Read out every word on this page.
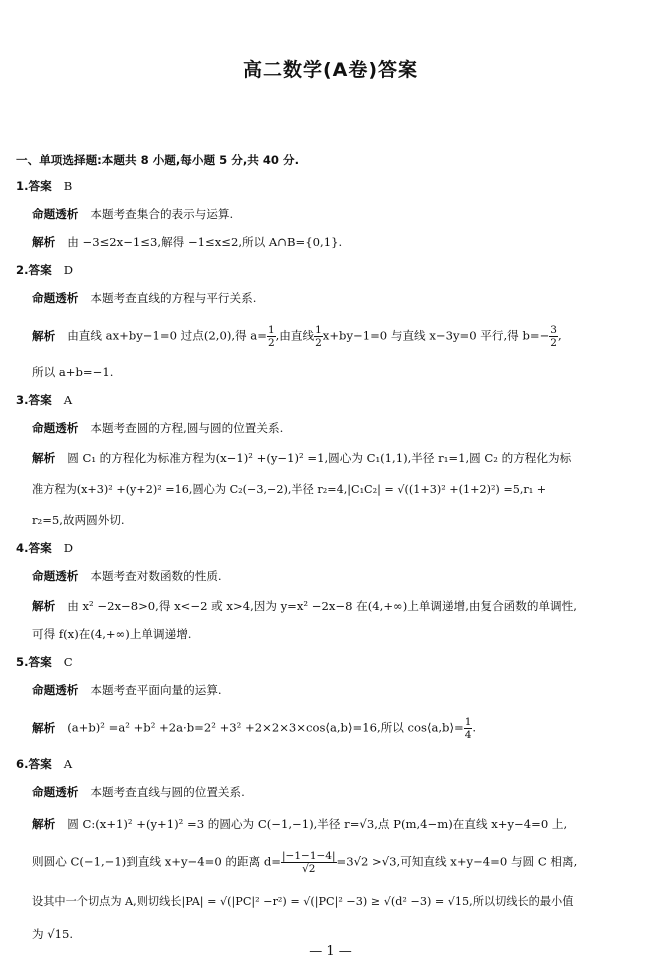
高二数学(A卷)答案
一、单项选择题:本题共 8 小题,每小题 5 分,共 40 分.
1.答案 B
命题透析 本题考查集合的表示与运算.
解析 由 −3≤2x−1≤3,解得 −1≤x≤2,所以 A∩B={0,1}.
2.答案 D
命题透析 本题考查直线的方程与平行关系.
解析 由直线 ax+by−1=0 过点(2,0),得 $a= \frac{1}{2}$ ,由直线 $\frac{1}{2} x+by-1=0$ 与直线 x−3y=0 平行,得 $b=- \frac{3}{2}$ ,
所以 a+b=−1.
3.答案 A
命题透析 本题考查圆的方程,圆与圆的位置关系.
解析 圆 C₁ 的方程化为标准方程为(x−1)² +(y−1)² =1,圆心为 C₁(1,1),半径 r₁=1,圆 C₂ 的方程化为标
准方程为(x+3)² +(y+2)² =16,圆心为 C₂(−3,−2),半径 r₂=4,|C₁C₂| = √((1+3)² +(1+2)²) =5,r₁ +
r₂=5,故两圆外切.
4.答案 D
命题透析 本题考查对数函数的性质.
解析 由 x² −2x−8>0,得 x<−2 或 x>4,因为 y=x² −2x−8 在(4,+∞)上单调递增,由复合函数的单调性,
可得 f(x)在(4,+∞)上单调递增.
5.答案 C
命题透析 本题考查平面向量的运算.
解析 (a+b)² =a² +b² +2a·b=2² +3² +2×2×3×cos⟨a,b⟩=16,所以 cos⟨a,b⟩= $\frac{1}{4}$ .
6.答案 A
命题透析 本题考查直线与圆的位置关系.
解析 圆 C:(x+1)² +(y+1)² =3 的圆心为 C(−1,−1),半径 r=√3,点 P(m,4−m)在直线 x+y−4=0 上,
则圆心 C(−1,−1)到直线 x+y−4=0 的距离 $d= \frac{|-1-1-4|}{√2} =3√2 >√3$,可知直线 x+y−4=0 与圆 C 相离,
设其中一个切点为 A,则切线长|PA| = √(|PC|² −r²) = √(|PC|² −3) ≥ √(d² −3) = √15,所以切线长的最小值
为 √15.
— 1 —
